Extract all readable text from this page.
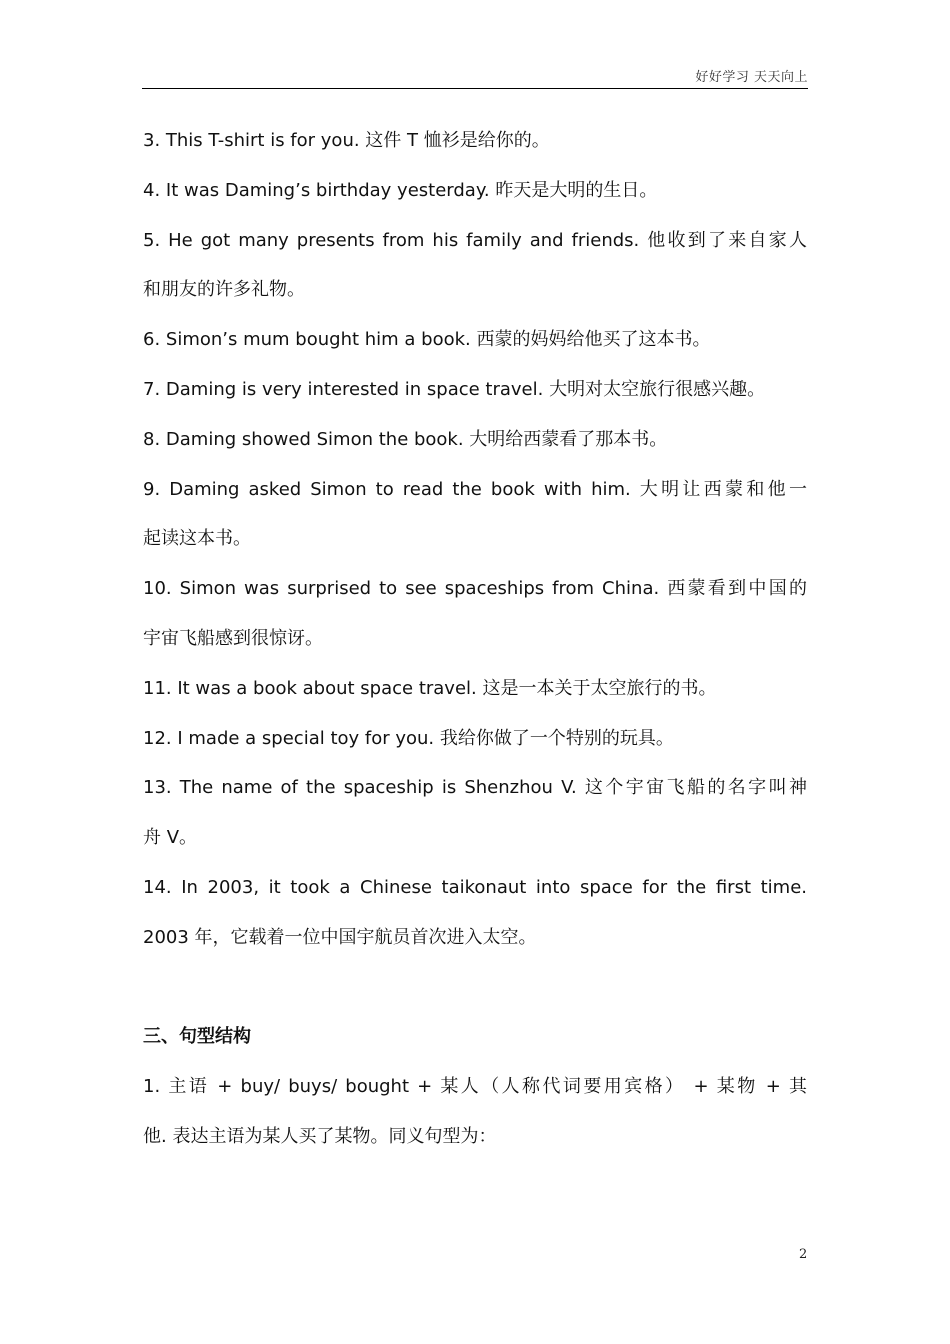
好好学习 天天向上
3. This T-shirt is for you. 这件 T 恤衫是给你的。
4. It was Daming’s birthday yesterday. 昨天是大明的生日。
5. He got many presents from his family and friends. 他收到了来自家人
和朋友的许多礼物。
6. Simon’s mum bought him a book. 西蒙的妈妈给他买了这本书。
7. Daming is very interested in space travel. 大明对太空旅行很感兴趣。
8. Daming showed Simon the book. 大明给西蒙看了那本书。
9. Daming asked Simon to read the book with him. 大明让西蒙和他一
起读这本书。
10. Simon was surprised to see spaceships from China. 西蒙看到中国的
宇宙飞船感到很惊讶。
11. It was a book about space travel. 这是一本关于太空旅行的书。
12. I made a special toy for you. 我给你做了一个特别的玩具。
13. The name of the spaceship is Shenzhou V. 这个宇宙飞船的名字叫神
舟 V。
14. In 2003, it took a Chinese taikonaut into space for the first time.
2003 年，它载着一位中国宇航员首次进入太空。
三、句型结构
1. 主语 + buy/ buys/ bought + 某人（人称代词要用宾格） + 某物 + 其
他. 表达主语为某人买了某物。同义句型为：
2
